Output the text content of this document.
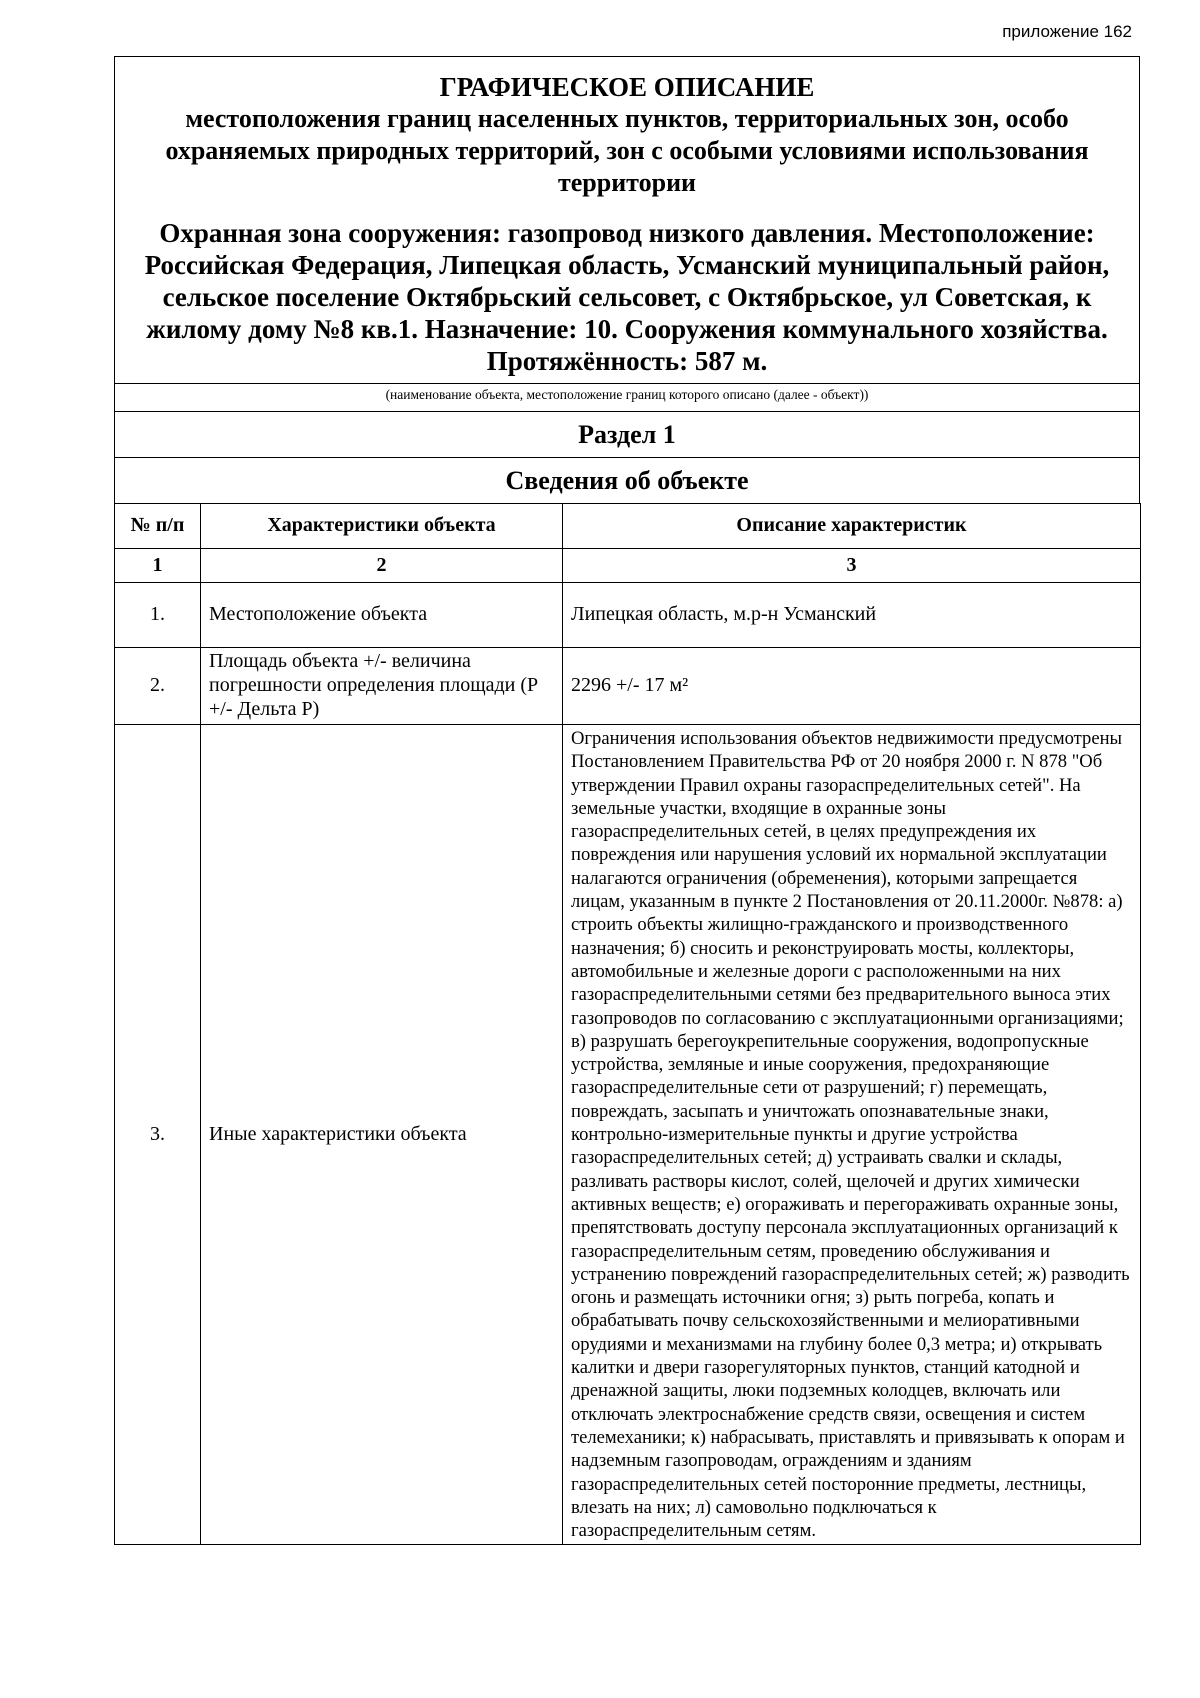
приложение 162
ГРАФИЧЕСКОЕ ОПИСАНИЕ
местоположения границ населенных пунктов, территориальных зон, особо охраняемых природных территорий, зон с особыми условиями использования территории
Охранная зона сооружения: газопровод низкого давления. Местоположение: Российская Федерация, Липецкая область, Усманский муниципальный район, сельское поселение Октябрьский сельсовет, с Октябрьское, ул Советская, к жилому дому №8 кв.1. Назначение: 10. Сооружения коммунального хозяйства. Протяжённость: 587 м.
(наименование объекта, местоположение границ которого описано (далее - объект))
Раздел 1
Сведения об объекте
№ п/п	Характеристики объекта	Описание характеристик
1	2	3
1.	Местоположение объекта	Липецкая область, м.р-н Усманский
2.	Площадь объекта +/- величина погрешности определения площади (Р +/- Дельта Р)	2296 +/- 17 м²
3.	Иные характеристики объекта	Ограничения использования объектов недвижимости предусмотрены Постановлением Правительства РФ от 20 ноября 2000 г. N 878 "Об утверждении Правил охраны газораспределительных сетей". На земельные участки, входящие в охранные зоны газораспределительных сетей, в целях предупреждения их повреждения или нарушения условий их нормальной эксплуатации налагаются ограничения (обременения), которыми запрещается лицам, указанным в пункте 2 Постановления от 20.11.2000г. №878: а) строить объекты жилищно-гражданского и производственного назначения; б) сносить и реконструировать мосты, коллекторы, автомобильные и железные дороги с расположенными на них газораспределительными сетями без предварительного выноса этих газопроводов по согласованию с эксплуатационными организациями; в) разрушать берегоукрепительные сооружения, водопропускные устройства, земляные и иные сооружения, предохраняющие газораспределительные сети от разрушений; г) перемещать, повреждать, засыпать и уничтожать опознавательные знаки, контрольно-измерительные пункты и другие устройства газораспределительных сетей; д) устраивать свалки и склады, разливать растворы кислот, солей, щелочей и других химически активных веществ; е) огораживать и перегораживать охранные зоны, препятствовать доступу персонала эксплуатационных организаций к газораспределительным сетям, проведению обслуживания и устранению повреждений газораспределительных сетей; ж) разводить огонь и размещать источники огня; з) рыть погреба, копать и обрабатывать почву сельскохозяйственными и мелиоративными орудиями и механизмами на глубину более 0,3 метра; и) открывать калитки и двери газорегуляторных пунктов, станций катодной и дренажной защиты, люки подземных колодцев, включать или отключать электроснабжение средств связи, освещения и систем телемеханики; к) набрасывать, приставлять и привязывать к опорам и надземным газопроводам, ограждениям и зданиям газораспределительных сетей посторонние предметы, лестницы, влезать на них; л) самовольно подключаться к газораспределительным сетям.
